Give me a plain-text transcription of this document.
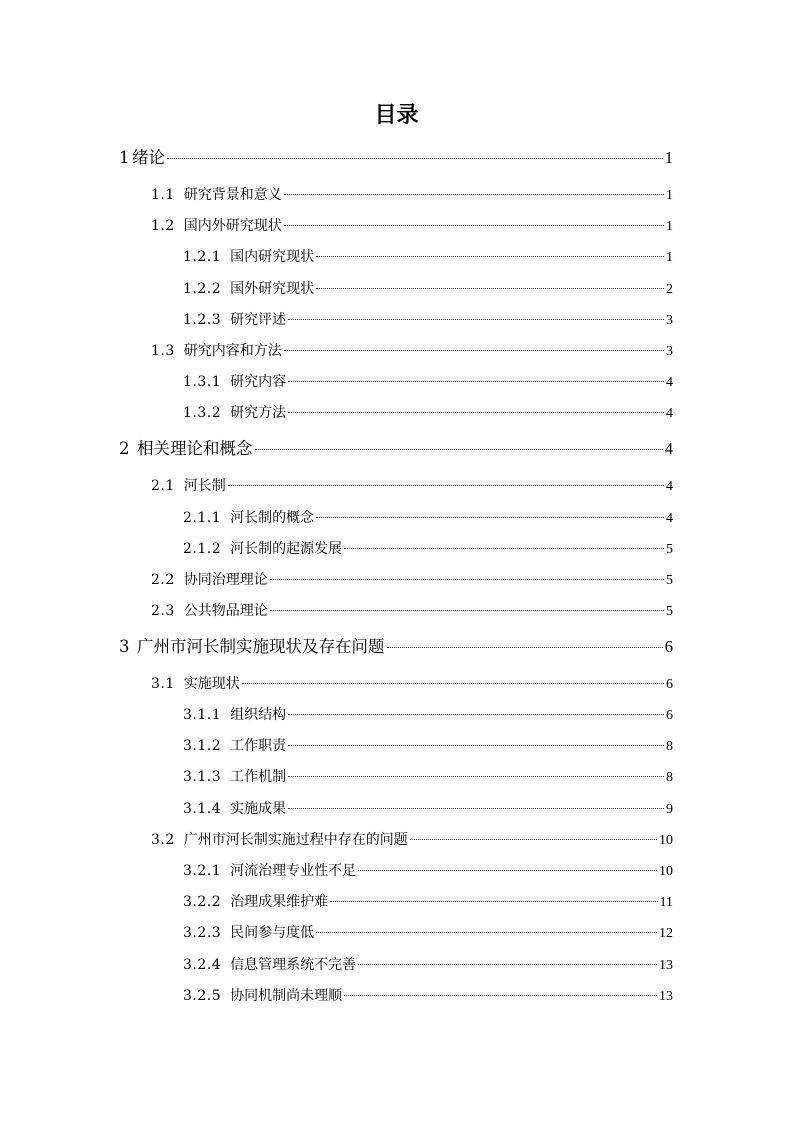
目录
1 绪论	1
1.1 研究背景和意义	1
1.2 国内外研究现状	1
1.2.1 国内研究现状	1
1.2.2 国外研究现状	2
1.2.3 研究评述	3
1.3 研究内容和方法	3
1.3.1 研究内容	4
1.3.2 研究方法	4
2 相关理论和概念	4
2.1 河长制	4
2.1.1 河长制的概念	4
2.1.2 河长制的起源发展	5
2.2 协同治理理论	5
2.3 公共物品理论	5
3 广州市河长制实施现状及存在问题	6
3.1 实施现状	6
3.1.1 组织结构	6
3.1.2 工作职责	8
3.1.3 工作机制	8
3.1.4 实施成果	9
3.2 广州市河长制实施过程中存在的问题	10
3.2.1 河流治理专业性不足	10
3.2.2 治理成果维护难	11
3.2.3 民间参与度低	12
3.2.4 信息管理系统不完善	13
3.2.5 协同机制尚未理顺	13
